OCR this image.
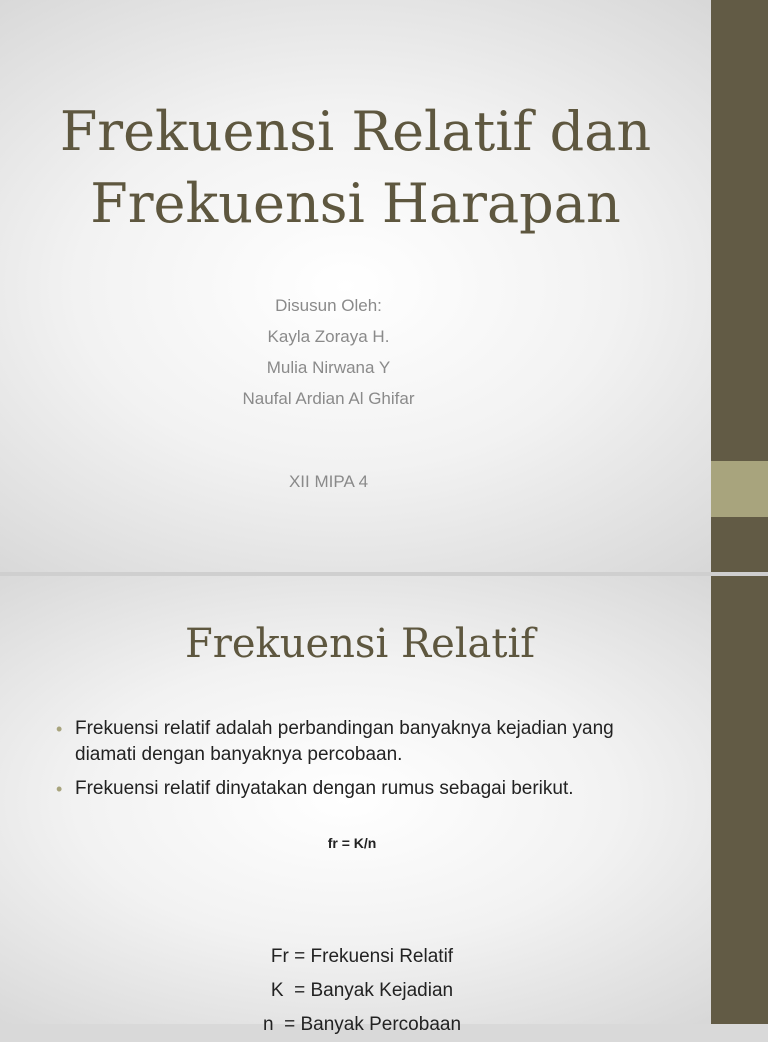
Frekuensi Relatif dan
Frekuensi Harapan
Disusun Oleh:
Kayla Zoraya H.
Mulia Nirwana Y
Naufal Ardian Al Ghifar
XII MIPA 4
Frekuensi Relatif
• Frekuensi relatif adalah perbandingan banyaknya kejadian yang diamati dengan banyaknya percobaan.
• Frekuensi relatif dinyatakan dengan rumus sebagai berikut.
fr = K/n
Fr = Frekuensi Relatif
K  = Banyak Kejadian
n  = Banyak Percobaan
